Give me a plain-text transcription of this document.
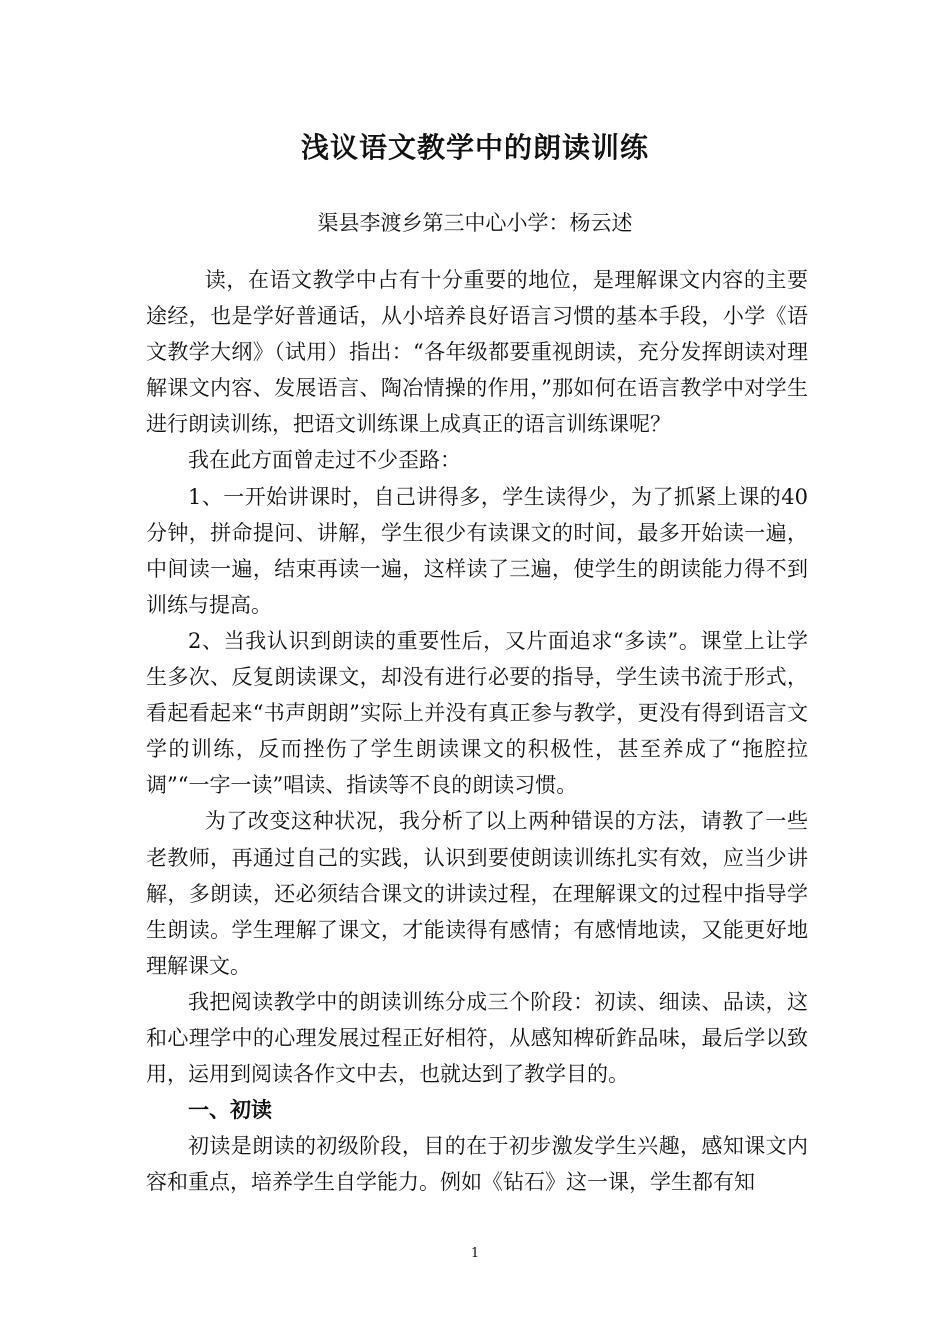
浅议语文教学中的朗读训练
渠县李渡乡第三中心小学：杨云述

读，在语文教学中占有十分重要的地位，是理解课文内容的主要途经，也是学好普通话，从小培养良好语言习惯的基本手段，小学《语文教学大纲》（试用）指出：“各年级都要重视朗读，充分发挥朗读对理解课文内容、发展语言、陶冶情操的作用，”那如何在语言教学中对学生进行朗读训练，把语文训练课上成真正的语言训练课呢？

我在此方面曾走过不少歪路：

1、一开始讲课时，自己讲得多，学生读得少，为了抓紧上课的40分钟，拼命提问、讲解，学生很少有读课文的时间，最多开始读一遍，中间读一遍，结束再读一遍，这样读了三遍，使学生的朗读能力得不到训练与提高。

2、当我认识到朗读的重要性后，又片面追求“多读”。课堂上让学生多次、反复朗读课文，却没有进行必要的指导，学生读书流于形式，看起看起来“书声朗朗”实际上并没有真正参与教学，更没有得到语言文学的训练，反而挫伤了学生朗读课文的积极性，甚至养成了“拖腔拉调”“一字一读”唱读、指读等不良的朗读习惯。

为了改变这种状况，我分析了以上两种错误的方法，请教了一些老教师，再通过自己的实践，认识到要使朗读训练扎实有效，应当少讲解，多朗读，还必须结合课文的讲读过程，在理解课文的过程中指导学生朗读。学生理解了课文，才能读得有感情；有感情地读，又能更好地理解课文。

我把阅读教学中的朗读训练分成三个阶段：初读、细读、品读，这和心理学中的心理发展过程正好相符，从感知椑斫鈼品味，最后学以致用，运用到阅读各作文中去，也就达到了教学目的。

一、初读

初读是朗读的初级阶段，目的在于初步激发学生兴趣，感知课文内容和重点，培养学生自学能力。例如《钻石》这一课，学生都有知

1
